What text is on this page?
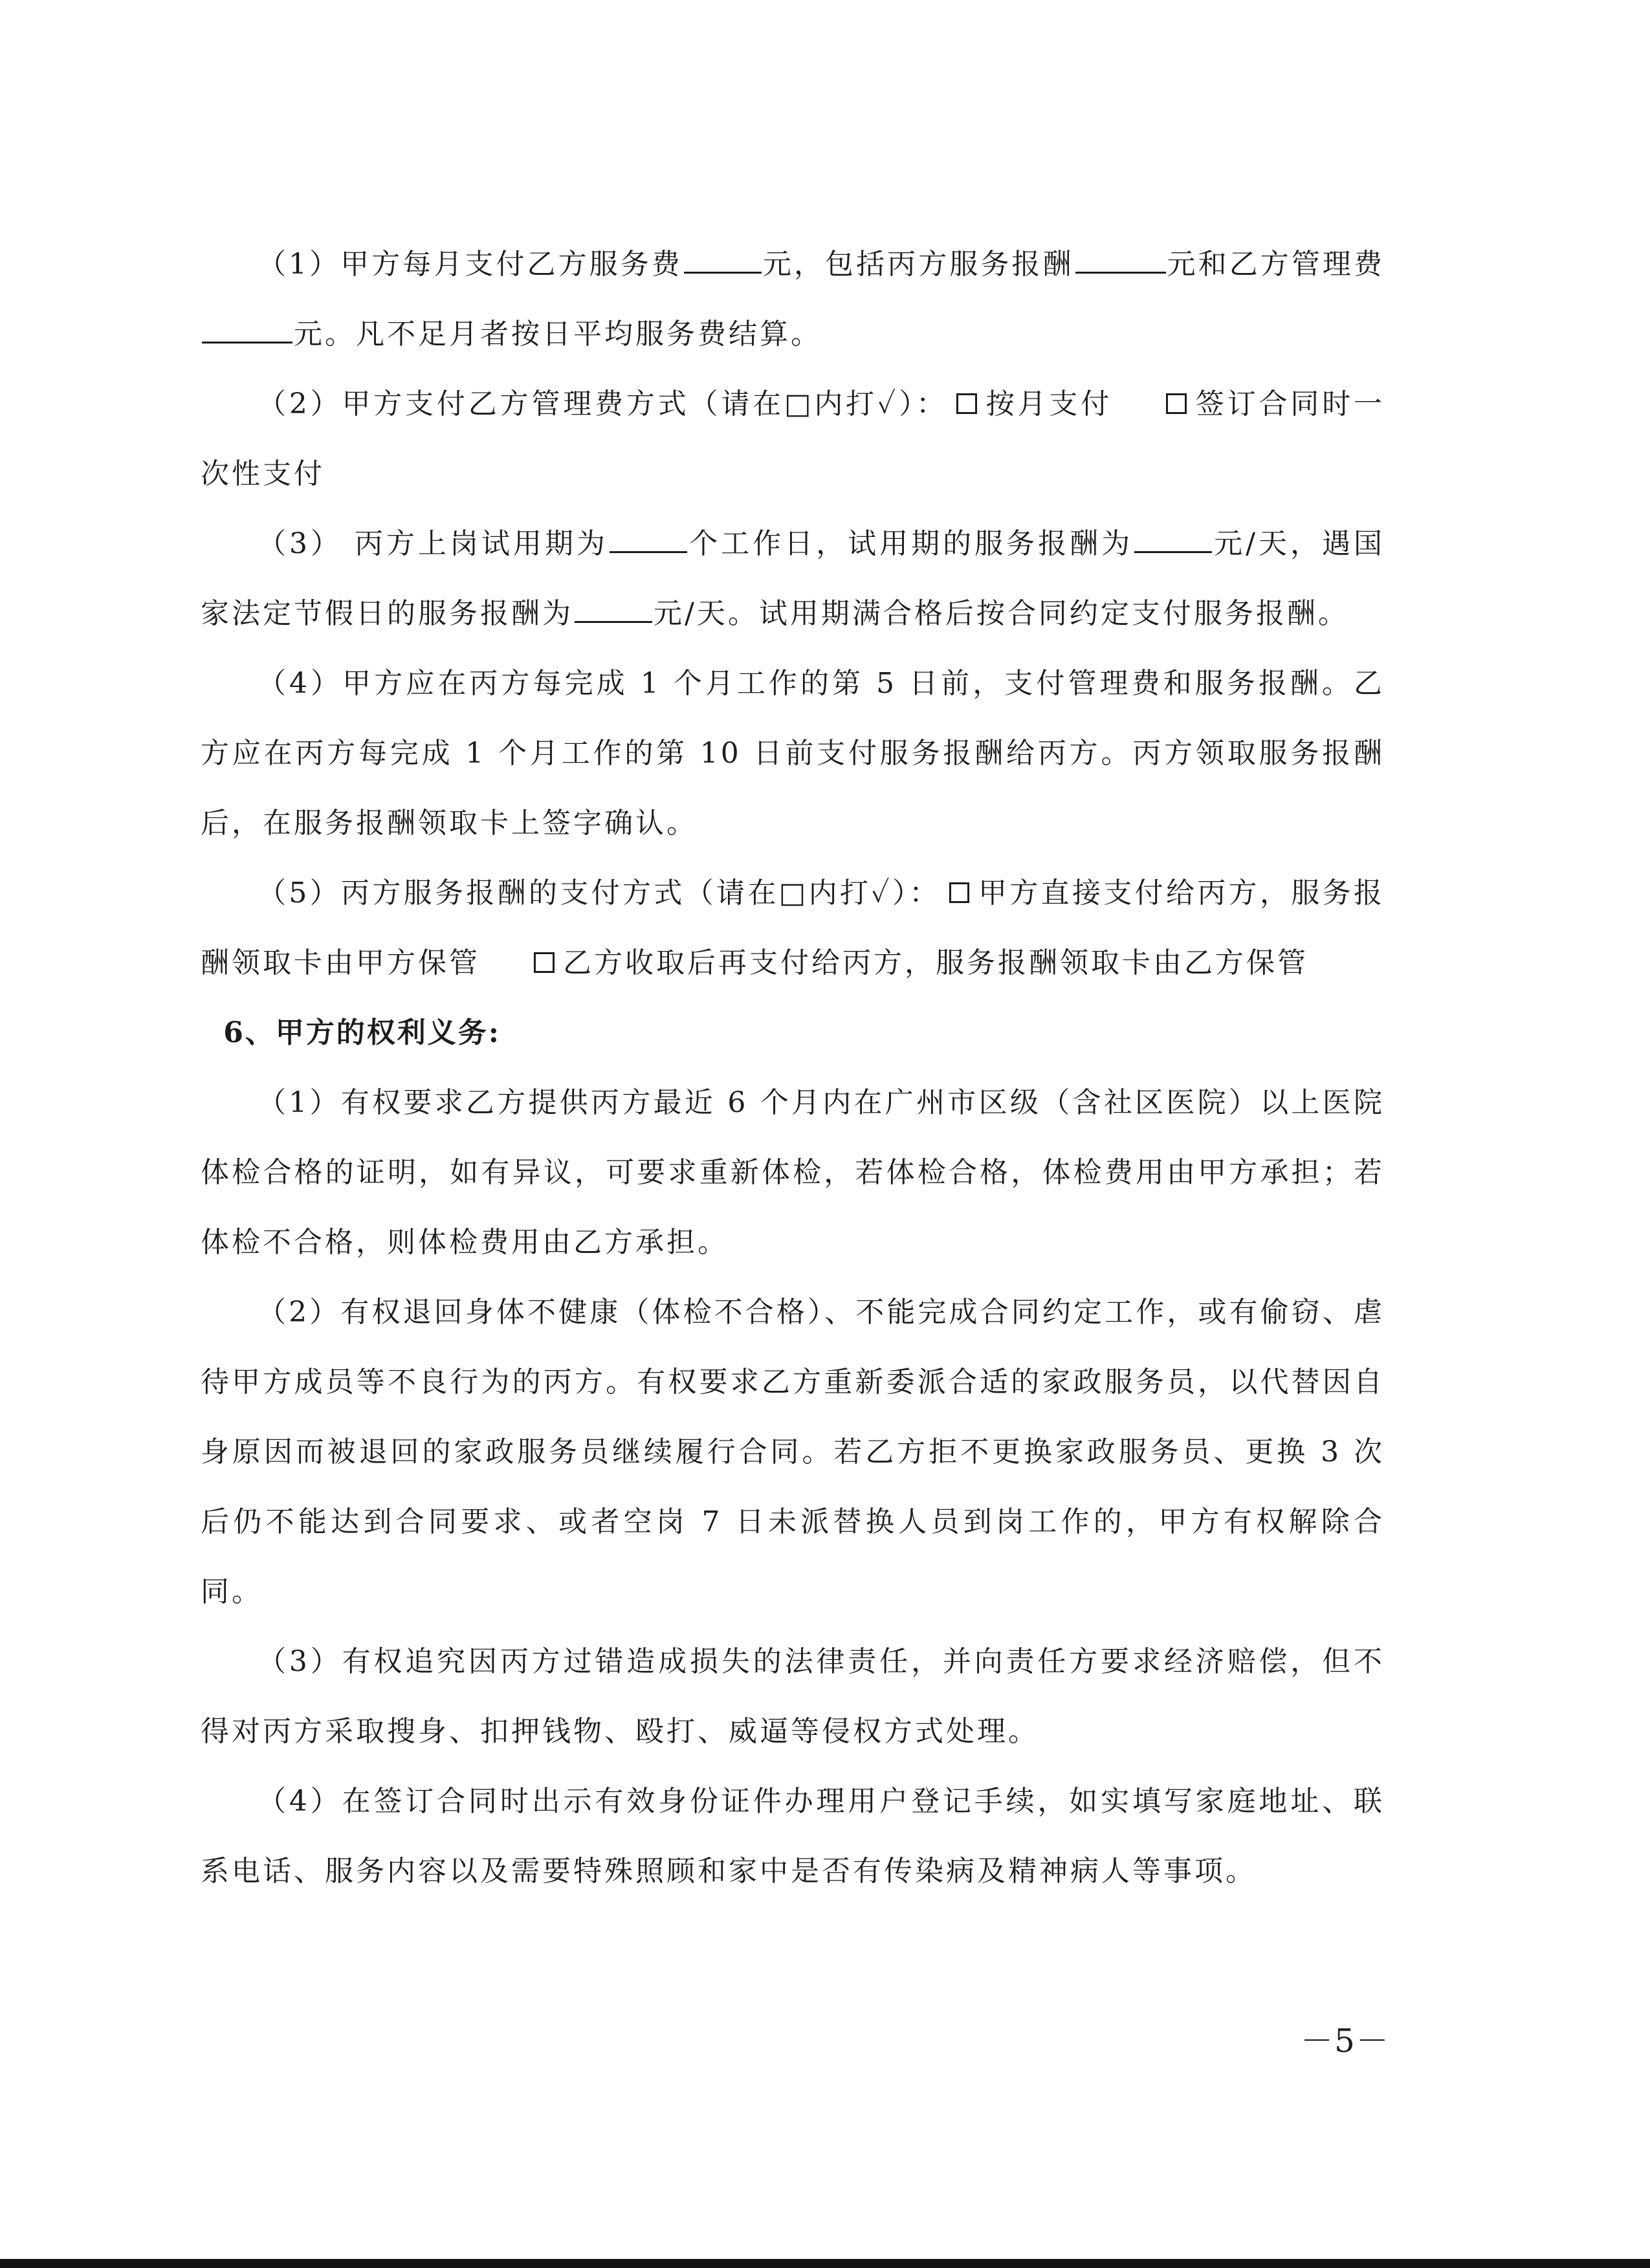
（1）甲方每月支付乙方服务费	元，包括丙方服务报酬	元和乙方管理费元。凡不足月者按日平均服务费结算。

（2）甲方支付乙方管理费方式（请在□内打✓）： 按月支付	签订合同时一次性支付

（3） 丙方上岗试用期为	个工作日，试用期的服务报酬为	元/天，遇国家法定节假日的服务报酬为	元/天。试用期满合格后按合同约定支付服务报酬。

（4）甲方应在丙方每完成 1 个月工作的第 5 日前，支付管理费和服务报酬。乙方应在丙方每完成 1 个月工作的第 10 日前支付服务报酬给丙方。丙方领取服务报酬后，在服务报酬领取卡上签字确认。

（5）丙方服务报酬的支付方式（请在□内打✓）： 甲方直接支付给丙方，服务报酬领取卡由甲方保管	乙方收取后再支付给丙方，服务报酬领取卡由乙方保管

6、甲方的权利义务:

（1）有权要求乙方提供丙方最近 6 个月内在广州市区级（含社区医院）以上医院体检合格的证明，如有异议，可要求重新体检，若体检合格，体检费用由甲方承担；若体检不合格，则体检费用由乙方承担。

（2）有权退回身体不健康（体检不合格）、不能完成合同约定工作，或有偷窃、虐待甲方成员等不良行为的丙方。有权要求乙方重新委派合适的家政服务员，以代替因自身原因而被退回的家政服务员继续履行合同。若乙方拒不更换家政服务员、更换 3 次后仍不能达到合同要求、或者空岗 7 日未派替换人员到岗工作的，甲方有权解除合同。

（3）有权追究因丙方过错造成损失的法律责任，并向责任方要求经济赔偿，但不得对丙方采取搜身、扣押钱物、殴打、威逼等侵权方式处理。

（4）在签订合同时出示有效身份证件办理用户登记手续，如实填写家庭地址、联系电话、服务内容以及需要特殊照顾和家中是否有传染病及精神病人等事项。

－5－
